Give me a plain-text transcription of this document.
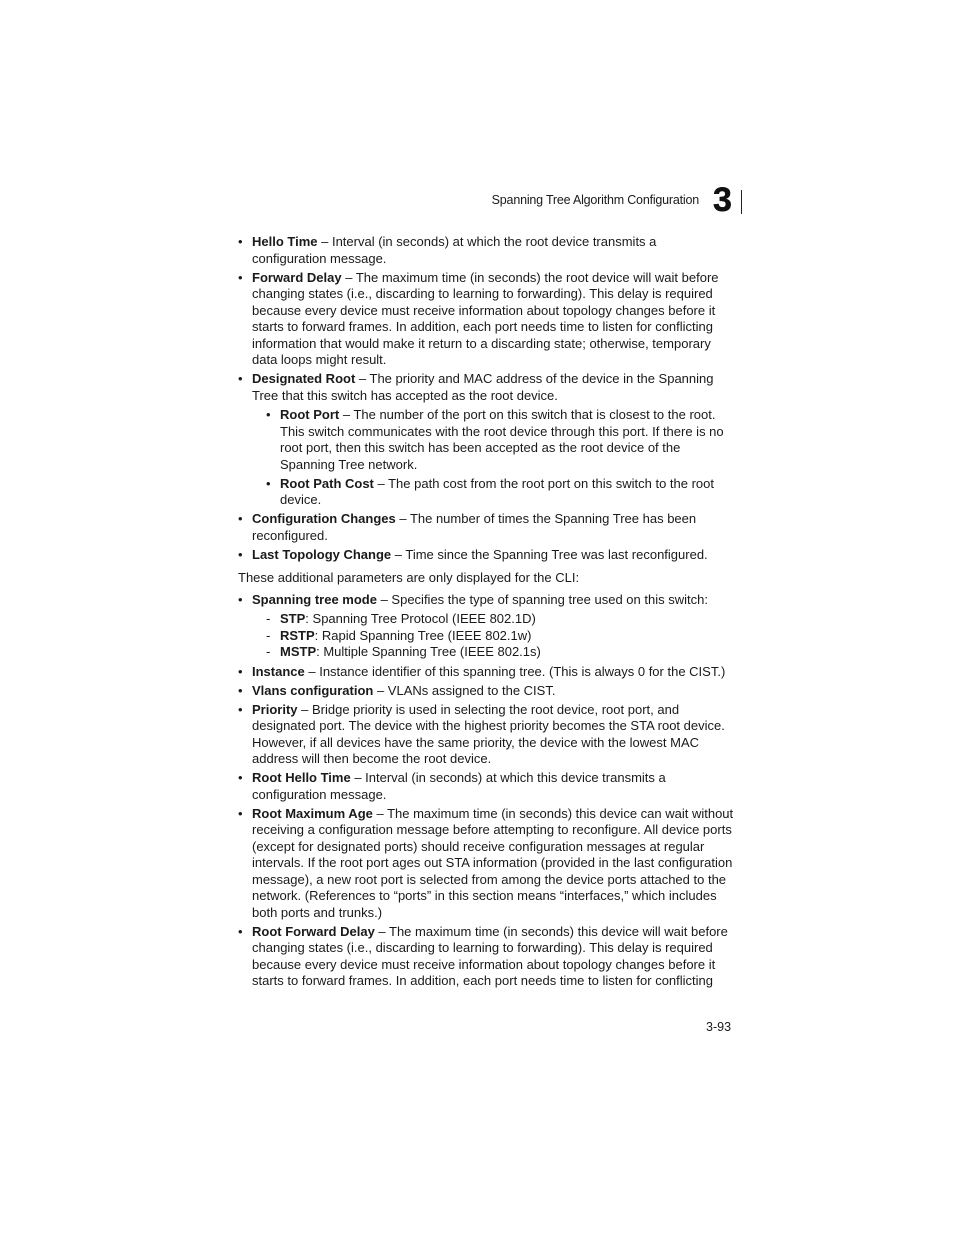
Spanning Tree Algorithm Configuration 3
• Hello Time – Interval (in seconds) at which the root device transmits a configuration message.
• Forward Delay – The maximum time (in seconds) the root device will wait before changing states (i.e., discarding to learning to forwarding). This delay is required because every device must receive information about topology changes before it starts to forward frames. In addition, each port needs time to listen for conflicting information that would make it return to a discarding state; otherwise, temporary data loops might result.
• Designated Root – The priority and MAC address of the device in the Spanning Tree that this switch has accepted as the root device.
• Root Port – The number of the port on this switch that is closest to the root. This switch communicates with the root device through this port. If there is no root port, then this switch has been accepted as the root device of the Spanning Tree network.
• Root Path Cost – The path cost from the root port on this switch to the root device.
• Configuration Changes – The number of times the Spanning Tree has been reconfigured.
• Last Topology Change – Time since the Spanning Tree was last reconfigured.
These additional parameters are only displayed for the CLI:
• Spanning tree mode – Specifies the type of spanning tree used on this switch:
- STP: Spanning Tree Protocol (IEEE 802.1D)
- RSTP: Rapid Spanning Tree (IEEE 802.1w)
- MSTP: Multiple Spanning Tree (IEEE 802.1s)
• Instance – Instance identifier of this spanning tree. (This is always 0 for the CIST.)
• Vlans configuration – VLANs assigned to the CIST.
• Priority – Bridge priority is used in selecting the root device, root port, and designated port. The device with the highest priority becomes the STA root device. However, if all devices have the same priority, the device with the lowest MAC address will then become the root device.
• Root Hello Time – Interval (in seconds) at which this device transmits a configuration message.
• Root Maximum Age – The maximum time (in seconds) this device can wait without receiving a configuration message before attempting to reconfigure. All device ports (except for designated ports) should receive configuration messages at regular intervals. If the root port ages out STA information (provided in the last configuration message), a new root port is selected from among the device ports attached to the network. (References to “ports” in this section means “interfaces,” which includes both ports and trunks.)
• Root Forward Delay – The maximum time (in seconds) this device will wait before changing states (i.e., discarding to learning to forwarding). This delay is required because every device must receive information about topology changes before it starts to forward frames. In addition, each port needs time to listen for conflicting
3-93
